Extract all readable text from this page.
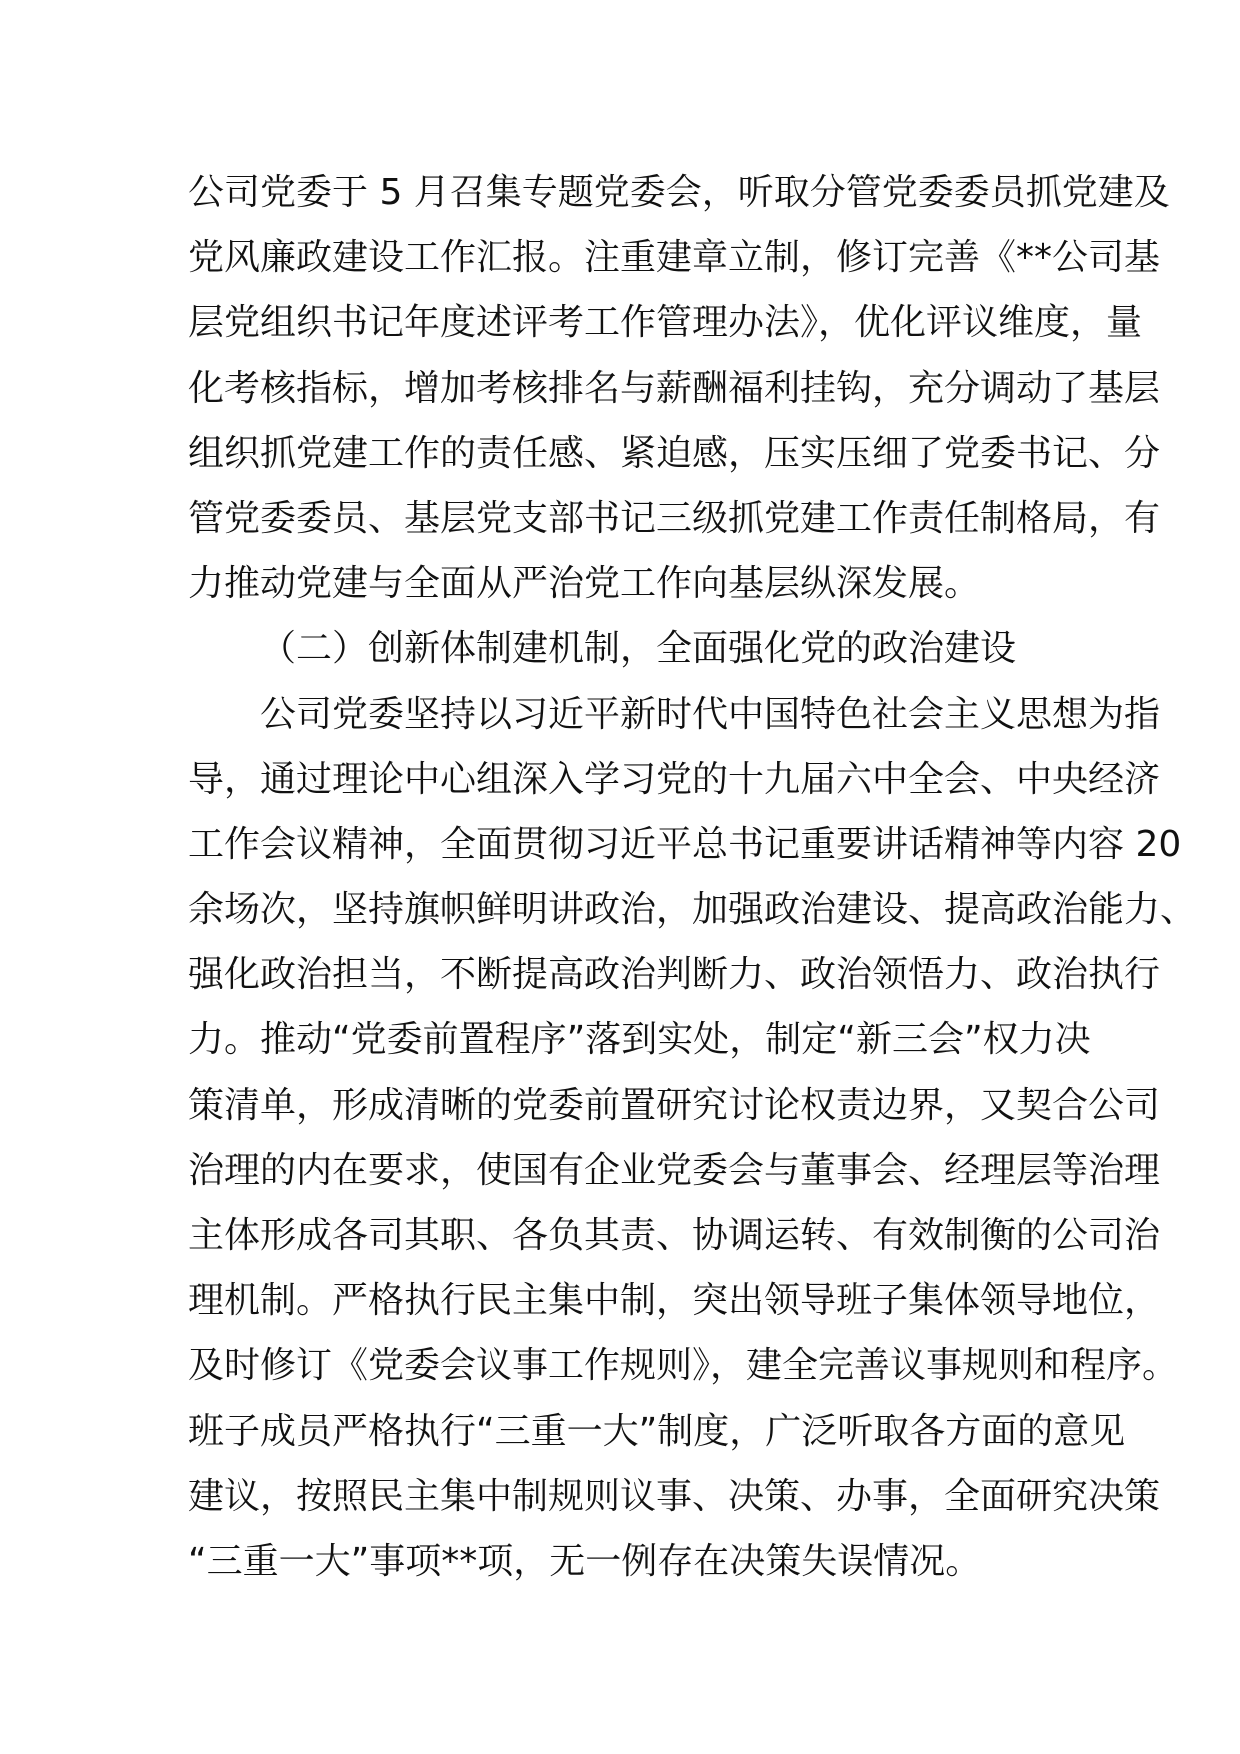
公司党委于 5 月召集专题党委会，听取分管党委委员抓党建及
党风廉政建设工作汇报。注重建章立制，修订完善《**公司基
层党组织书记年度述评考工作管理办法》，优化评议维度，量
化考核指标，增加考核排名与薪酬福利挂钩，充分调动了基层
组织抓党建工作的责任感、紧迫感，压实压细了党委书记、分
管党委委员、基层党支部书记三级抓党建工作责任制格局，有
力推动党建与全面从严治党工作向基层纵深发展。
（二）创新体制建机制，全面强化党的政治建设
公司党委坚持以习近平新时代中国特色社会主义思想为指
导，通过理论中心组深入学习党的十九届六中全会、中央经济
工作会议精神，全面贯彻习近平总书记重要讲话精神等内容 20
余场次，坚持旗帜鲜明讲政治，加强政治建设、提高政治能力、
强化政治担当，不断提高政治判断力、政治领悟力、政治执行
力。推动“党委前置程序”落到实处，制定“新三会”权力决
策清单，形成清晰的党委前置研究讨论权责边界，又契合公司
治理的内在要求，使国有企业党委会与董事会、经理层等治理
主体形成各司其职、各负其责、协调运转、有效制衡的公司治
理机制。严格执行民主集中制，突出领导班子集体领导地位，
及时修订《党委会议事工作规则》，建全完善议事规则和程序。
班子成员严格执行“三重一大”制度，广泛听取各方面的意见
建议，按照民主集中制规则议事、决策、办事，全面研究决策
“三重一大”事项**项，无一例存在决策失误情况。
